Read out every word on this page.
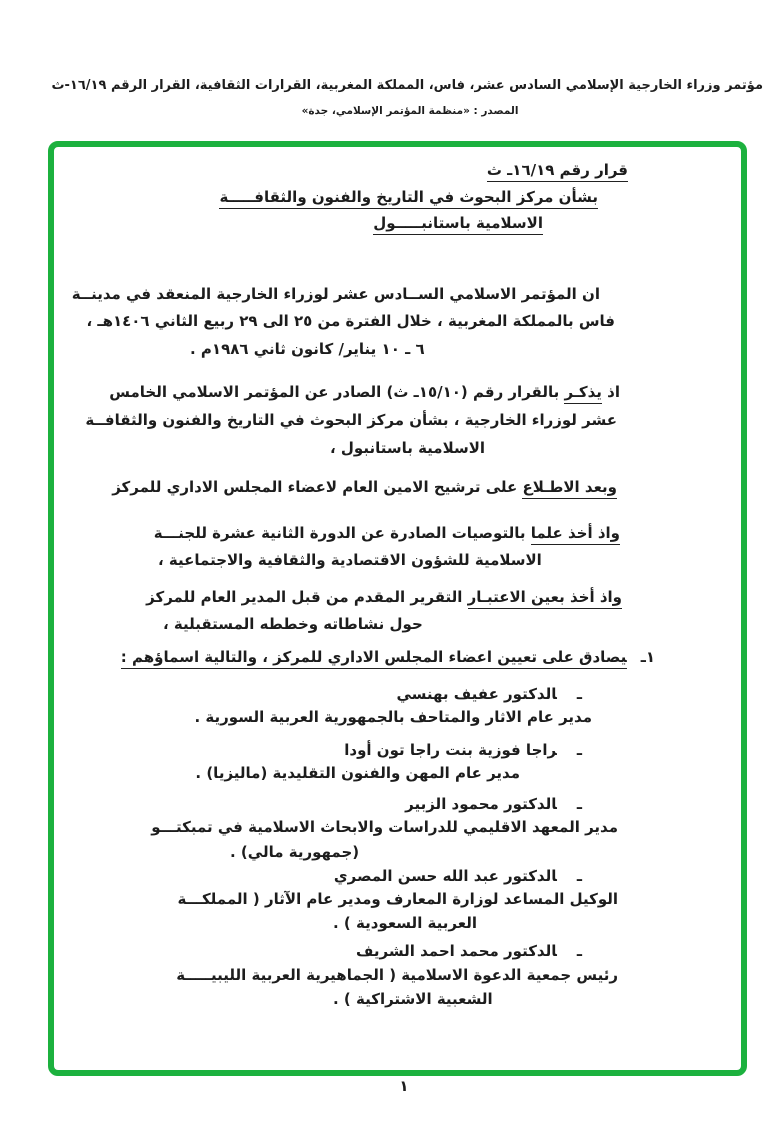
مؤتمر وزراء الخارجية الإسلامي السادس عشر، فاس، المملكة المغربية، القرارات الثقافية، القرار الرقم ١٦/١٩-ث
المصدر : «منظمة المؤتمر الإسلامي، جدة»
قرار رقم ١٦/١٩ـ ث
بشأن مركز البحوث في التاريخ والفنون والثقافـــــة
الاسلامية باستانبـــــول
ان المؤتمر الاسلامي الســادس عشر لوزراء الخارجية المنعقد في مدينــة
فاس بالمملكة المغربية ، خلال الفترة من ٢٥ الى ٢٩ ربيع الثاني ١٤٠٦هـ ،
٦ ـ ١٠ يناير/ كانون ثاني ١٩٨٦م .
اذ يذكـر بالقرار رقم (١٥/١٠ـ ث) الصادر عن المؤتمر الاسلامي الخامس
عشر لوزراء الخارجية ، بشأن مركز البحوث في التاريخ والفنون والثقافــة
الاسلامية باستانبول ،
وبعد الاطـلاع على ترشيح الامين العام لاعضاء المجلس الاداري للمركز
واذ أخذ علما بالتوصيات الصادرة عن الدورة الثانية عشرة للجنـــة
الاسلامية للشؤون الاقتصادية والثقافية والاجتماعية ،
واذ أخذ بعين الاعتبـار التقرير المقدم من قبل المدير العام للمركز
حول نشاطاته وخططه المستقبلية ،
١ـيصادق على تعيين اعضاء المجلس الاداري للمركز ، والتالية اسماؤهم :
ـالدكتور عفيف بهنسي
مدير عام الاثار والمتاحف بالجمهورية العربية السورية .
ـراجا فوزية بنت راجا تون أودا
مدير عام المهن والفنون التقليدية (ماليزيا) .
ـالدكتور محمود الزبير
مدير المعهد الاقليمي للدراسات والابحاث الاسلامية في تمبكتـــو
(جمهورية مالي) .
ـالدكتور عبد الله حسن المصري
الوكيل المساعد لوزارة المعارف ومدير عام الآثار ( المملكـــة
العربية السعودية ) .
ـالدكتور محمد احمد الشريف
رئيس جمعية الدعوة الاسلامية ( الجماهيرية العربية الليبيـــــة
الشعبية الاشتراكية ) .
١
